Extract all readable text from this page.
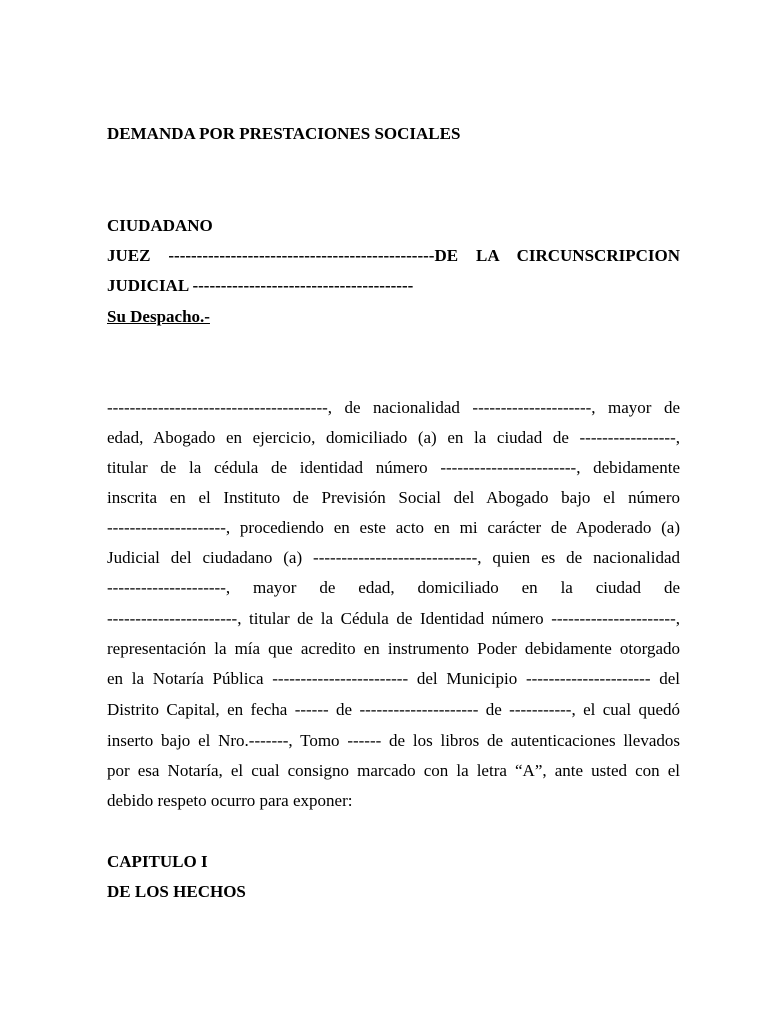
DEMANDA POR PRESTACIONES SOCIALES
CIUDADANO
JUEZ -----------------------------------------------DE LA CIRCUNSCRIPCION
JUDICIAL ---------------------------------------
Su Despacho.-
---------------------------------------, de nacionalidad ---------------------, mayor de
edad, Abogado en ejercicio, domiciliado (a) en la ciudad de -----------------,
titular de la cédula de identidad número ------------------------, debidamente
inscrita en el Instituto de Previsión Social del Abogado bajo el número
---------------------, procediendo en este acto en mi carácter de Apoderado (a)
Judicial del ciudadano (a) -----------------------------, quien es de nacionalidad
---------------------, mayor de edad, domiciliado en la ciudad de
-----------------------, titular de la Cédula de Identidad número ----------------------,
representación la mía que acredito en instrumento Poder debidamente otorgado
en la Notaría Pública ------------------------ del Municipio ---------------------- del
Distrito Capital, en fecha ------ de --------------------- de -----------, el cual quedó
inserto bajo el Nro.-------, Tomo ------ de los libros de autenticaciones llevados
por esa Notaría, el cual consigno marcado con la letra “A”, ante usted con el
debido respeto ocurro para exponer:
CAPITULO I
DE LOS HECHOS
